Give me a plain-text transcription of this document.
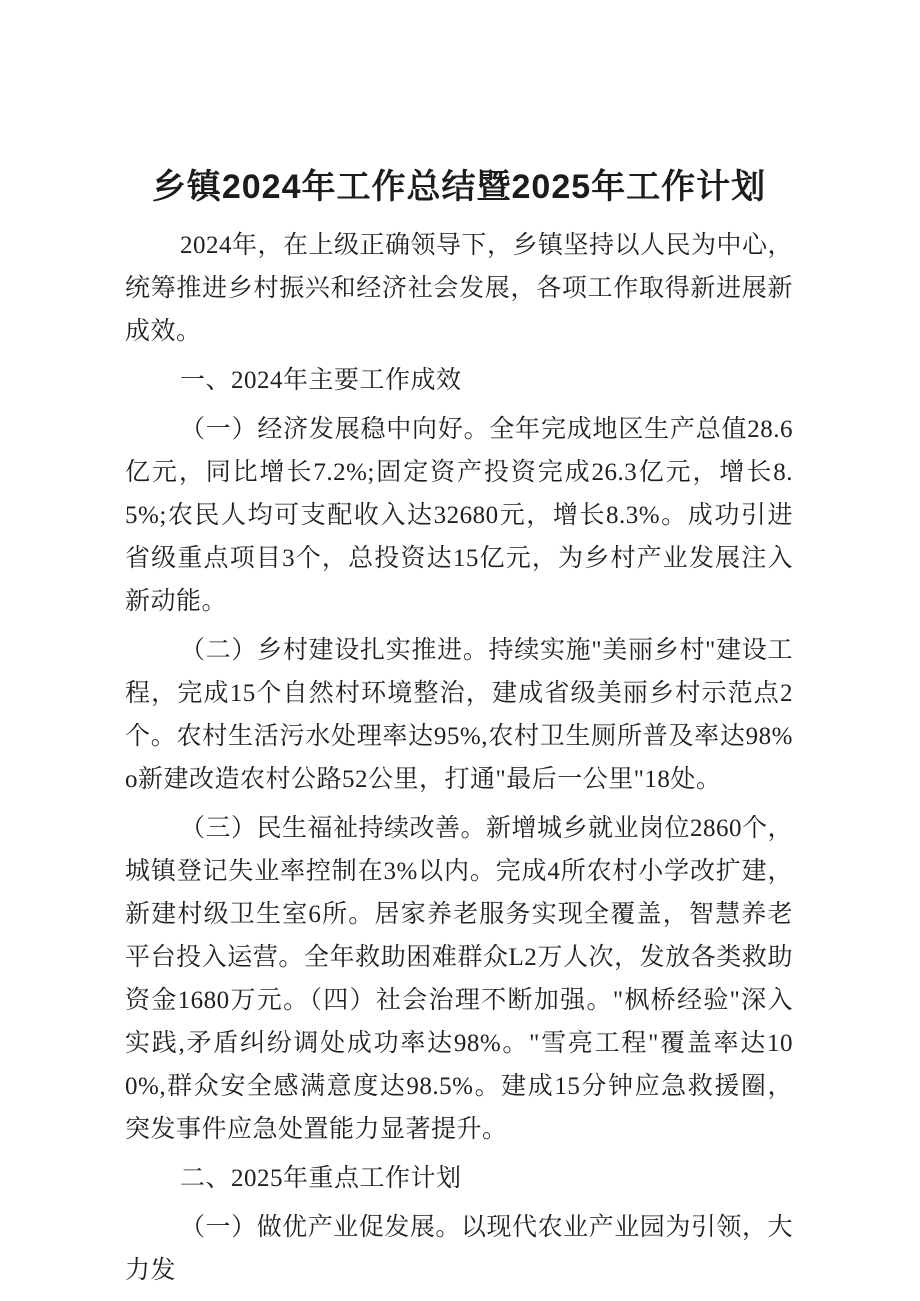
乡镇2024年工作总结暨2025年工作计划

2024年，在上级正确领导下，乡镇坚持以人民为中心，统筹推进乡村振兴和经济社会发展，各项工作取得新进展新成效。

一、2024年主要工作成效

（一）经济发展稳中向好。全年完成地区生产总值28.6亿元，同比增长7.2%;固定资产投资完成26.3亿元，增长8.5%;农民人均可支配收入达32680元，增长8.3%。成功引进省级重点项目3个，总投资达15亿元，为乡村产业发展注入新动能。

（二）乡村建设扎实推进。持续实施"美丽乡村"建设工程，完成15个自然村环境整治，建成省级美丽乡村示范点2个。农村生活污水处理率达95%,农村卫生厕所普及率达98%o新建改造农村公路52公里，打通"最后一公里"18处。

（三）民生福祉持续改善。新增城乡就业岗位2860个，城镇登记失业率控制在3%以内。完成4所农村小学改扩建，新建村级卫生室6所。居家养老服务实现全覆盖，智慧养老平台投入运营。全年救助困难群众L2万人次，发放各类救助资金1680万元。（四）社会治理不断加强。"枫桥经验"深入实践,矛盾纠纷调处成功率达98%。"雪亮工程"覆盖率达100%,群众安全感满意度达98.5%。建成15分钟应急救援圈，突发事件应急处置能力显著提升。

二、2025年重点工作计划

（一）做优产业促发展。以现代农业产业园为引领，大力发
